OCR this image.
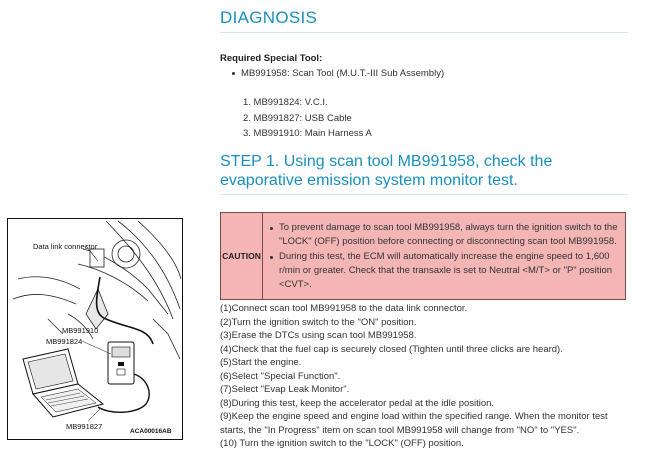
DIAGNOSIS
Required Special Tool:
MB991958: Scan Tool (M.U.T.-III Sub Assembly)
1. MB991824: V.C.I.
2. MB991827: USB Cable
3. MB991910: Main Harness A
STEP 1. Using scan tool MB991958, check the evaporative emission system monitor test.
Data link connector
MB991910
MB991824
MB991827
ACA00016AB
CAUTION
To prevent damage to scan tool MB991958, always turn the ignition switch to the "LOCK" (OFF) position before connecting or disconnecting scan tool MB991958.
During this test, the ECM will automatically increase the engine speed to 1,600 r/min or greater. Check that the transaxle is set to Neutral <M/T> or "P" position <CVT>.
(1)Connect scan tool MB991958 to the data link connector.
(2)Turn the ignition switch to the "ON" position.
(3)Erase the DTCs using scan tool MB991958.
(4)Check that the fuel cap is securely closed (Tighten until three clicks are heard).
(5)Start the engine.
(6)Select "Special Function".
(7)Select "Evap Leak Monitor".
(8)During this test, keep the accelerator pedal at the idle position.
(9)Keep the engine speed and engine load within the specified range. When the monitor test
starts, the "In Progress" item on scan tool MB991958 will change from "NO" to "YES".
(10) Turn the ignition switch to the "LOCK" (OFF) position.
